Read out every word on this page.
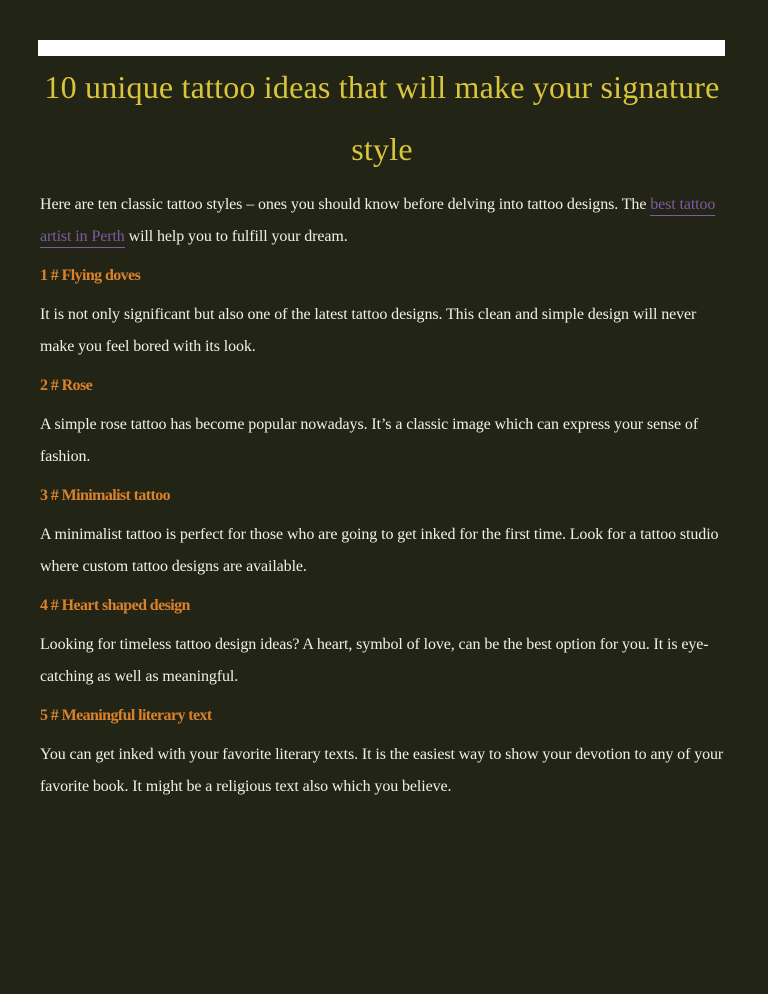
10 unique tattoo ideas that will make your signature style

Here are ten classic tattoo styles – ones you should know before delving into tattoo designs. The best tattoo artist in Perth will help you to fulfill your dream.

1 # Flying doves

It is not only significant but also one of the latest tattoo designs. This clean and simple design will never make you feel bored with its look.

2 # Rose

A simple rose tattoo has become popular nowadays. It’s a classic image which can express your sense of fashion.

3 # Minimalist tattoo

A minimalist tattoo is perfect for those who are going to get inked for the first time. Look for a tattoo studio where custom tattoo designs are available.

4 # Heart shaped design

Looking for timeless tattoo design ideas? A heart, symbol of love, can be the best option for you. It is eye-catching as well as meaningful.

5 # Meaningful literary text

You can get inked with your favorite literary texts. It is the easiest way to show your devotion to any of your favorite book. It might be a religious text also which you believe.
